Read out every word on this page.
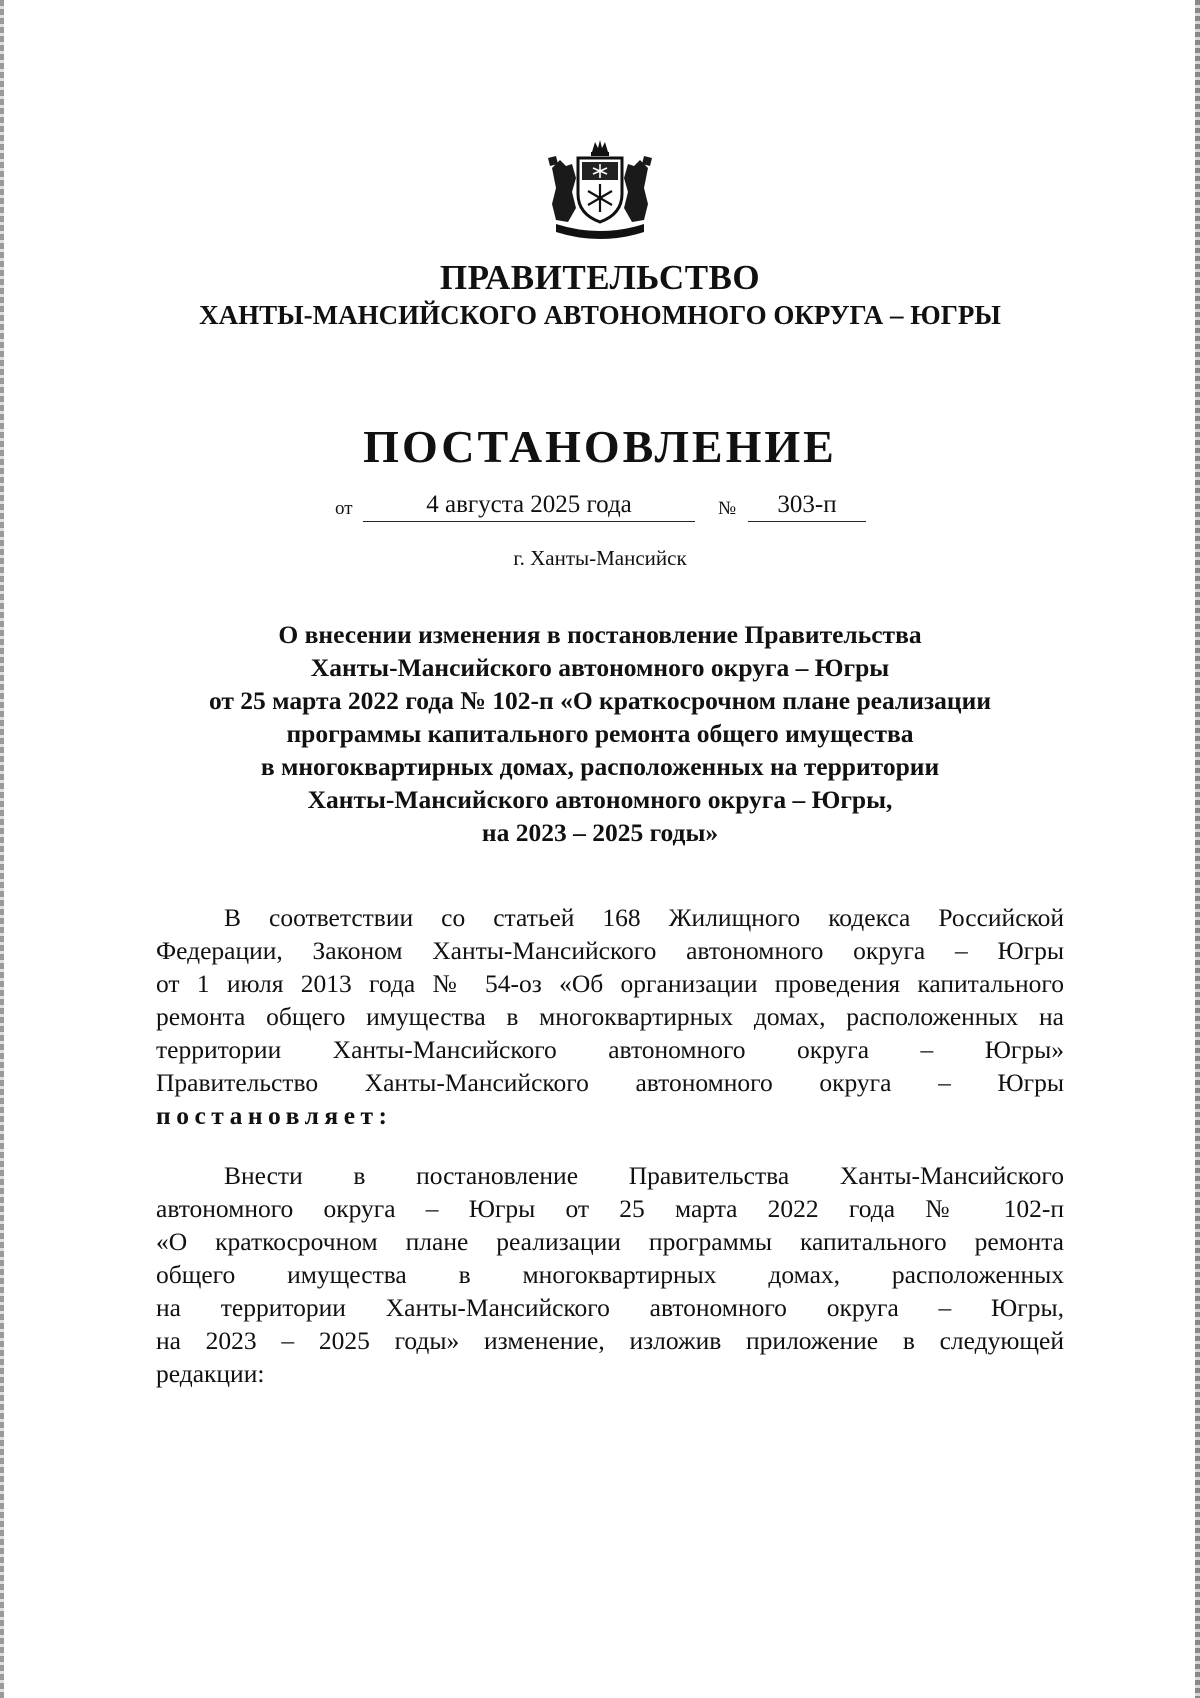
ПРАВИТЕЛЬСТВО
ХАНТЫ-МАНСИЙСКОГО АВТОНОМНОГО ОКРУГА – ЮГРЫ
ПОСТАНОВЛЕНИЕ
от	4 августа 2025 года	№	303-п
г. Ханты-Мансийск
О внесении изменения в постановление Правительства
Ханты-Мансийского автономного округа – Югры
от 25 марта 2022 года № 102-п «О краткосрочном плане реализации
программы капитального ремонта общего имущества
в многоквартирных домах, расположенных на территории
Ханты-Мансийского автономного округа – Югры,
на 2023 – 2025 годы»
В соответствии со статьей 168 Жилищного кодекса Российской
Федерации, Законом Ханты-Мансийского автономного округа – Югры
от 1 июля 2013 года № 54-оз «Об организации проведения капитального
ремонта общего имущества в многоквартирных домах, расположенных на
территории Ханты-Мансийского автономного округа – Югры»
Правительство Ханты-Мансийского автономного округа – Югры
постановляет:
Внести в постановление Правительства Ханты-Мансийского
автономного округа – Югры от 25 марта 2022 года № 102-п
«О краткосрочном плане реализации программы капитального ремонта
общего имущества в многоквартирных домах, расположенных
на территории Ханты-Мансийского автономного округа – Югры,
на 2023 – 2025 годы» изменение, изложив приложение в следующей
редакции:
